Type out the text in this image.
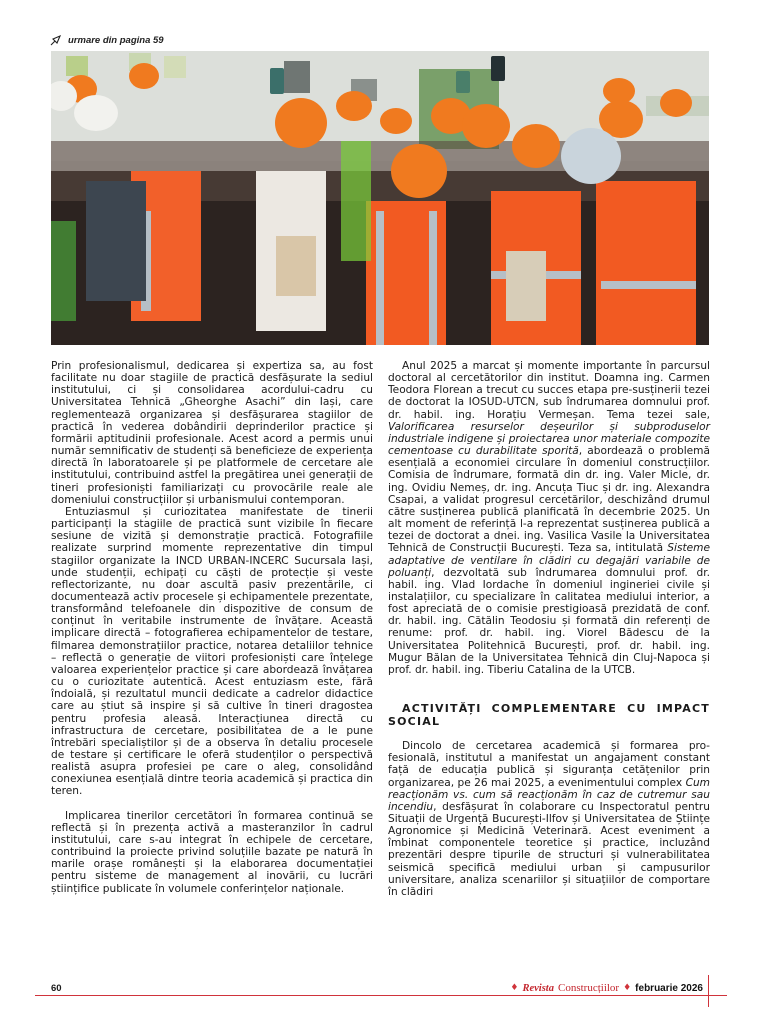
urmare din pagina 59

Prin profesionalismul, dedicarea și expertiza sa, au fost facilitate nu doar stagiile de practică desfășurate la sediul institutului, ci și consolidarea acordului-cadru cu Universitatea Tehnică „Gheorghe Asachi” din Iași, care reglementează organizarea și desfășurarea stagiilor de practică în vederea dobândirii deprinderilor practice și formării aptitudinii profesionale. Acest acord a permis unui număr semnificativ de studenți să beneficieze de experiența directă în laboratoarele și pe platformele de cercetare ale institutului, contribuind astfel la pregătirea unei generații de tineri profesioniști familiarizați cu provocările reale ale domeniului construcțiilor și urbanismului contemporan.

Entuziasmul și curiozitatea manifestate de tinerii participanți la stagiile de practică sunt vizibile în fiecare sesiune de vizită și demonstrație practică. Fotografiile realizate surprind momente reprezentative din timpul stagiilor organizate la INCD URBAN-INCERC Sucursala Iași, unde studenții, echipați cu căști de protecție și veste reflectorizante, nu doar ascultă pasiv prezentările, ci documentează activ procesele și echipamentele prezentate, transformând telefoanele din dispozitive de consum de conținut în veritabile instrumente de învățare. Această implicare directă – fotografierea echipamentelor de testare, filmarea demonstrațiilor practice, notarea detaliilor tehnice – reflectă o generație de viitori profesioniști care înțelege valoarea experiențelor practice și care abordează învățarea cu o curiozitate autentică. Acest entuziasm este, fără îndoială, și rezultatul muncii dedicate a cadrelor didactice care au știut să inspire și să cultive în tineri dragostea pentru profesia aleasă. Interacțiunea directă cu infrastructura de cercetare, posibilitatea de a le pune întrebări specialiștilor și de a observa în detaliu procesele de testare și certificare le oferă studenților o perspectivă realistă asupra profesiei pe care o aleg, consolidând conexiunea esențială dintre teoria academică și practica din teren.

Implicarea tinerilor cercetători în formarea continuă se reflectă și în prezența activă a masteranzilor în cadrul institutului, care s-au integrat în echipele de cercetare, contribuind la proiecte privind soluțiile bazate pe natură în marile orașe românești și la elaborarea documentației pentru sisteme de management al inovării, cu lucrări științifice publicate în volumele conferințelor naționale.

Anul 2025 a marcat și momente importante în parcursul doctoral al cercetătorilor din institut. Doamna ing. Carmen Teodora Florean a trecut cu succes etapa pre-susținerii tezei de doctorat la IOSUD-UTCN, sub îndrumarea domnului prof. dr. habil. ing. Horațiu Vermeșan. Tema tezei sale, Valorificarea resurselor deșeurilor și subproduselor industriale indigene și proiectarea unor materiale compozite cementoase cu durabilitate sporită, abordează o problemă esențială a economiei circulare în domeniul construcțiilor. Comisia de îndrumare, formată din dr. ing. Valer Micle, dr. ing. Ovidiu Nemeș, dr. ing. Ancuța Tiuc și dr. ing. Alexandra Csapai, a validat progresul cercetărilor, deschizând drumul către susținerea publică planificată în decembrie 2025. Un alt moment de referință l-a reprezentat susținerea publică a tezei de doctorat a dnei. ing. Vasilica Vasile la Universitatea Tehnică de Construcții București. Teza sa, intitulată Sisteme adaptative de ventilare în clădiri cu degajări variabile de poluanți, dezvoltată sub îndrumarea domnului prof. dr. habil. ing. Vlad Iordache în domeniul ingineriei civile și instalațiilor, cu specializare în calitatea mediului interior, a fost apreciată de o comisie prestigioasă prezidată de conf. dr. habil. ing. Cătălin Teodosiu și formată din referenți de renume: prof. dr. habil. ing. Viorel Bădescu de la Universitatea Politehnică București, prof. dr. habil. ing. Mugur Bălan de la Universitatea Tehnică din Cluj-Napoca și prof. dr. habil. ing. Tiberiu Catalina de la UTCB.

ACTIVITĂȚI COMPLEMENTARE CU IMPACT SOCIAL

Dincolo de cercetarea academică și formarea profesională, institutul a manifestat un angajament constant față de educația publică și siguranța cetățenilor prin organizarea, pe 26 mai 2025, a evenimentului complex Cum reacționăm vs. cum să reacționăm în caz de cutremur sau incendiu, desfășurat în colaborare cu Inspectoratul pentru Situații de Urgență București-Ilfov și Universitatea de Științe Agronomice și Medicină Veterinară. Acest eveniment a îmbinat componentele teoretice și practice, incluzând prezentări despre tipurile de structuri și vulnerabilitatea seismică specifică mediului urban și campusurilor universitare, analiza scenariilor și situațiilor de comportare în clădiri

60	♦ Revista Construcțiilor ♦ februarie 2026
